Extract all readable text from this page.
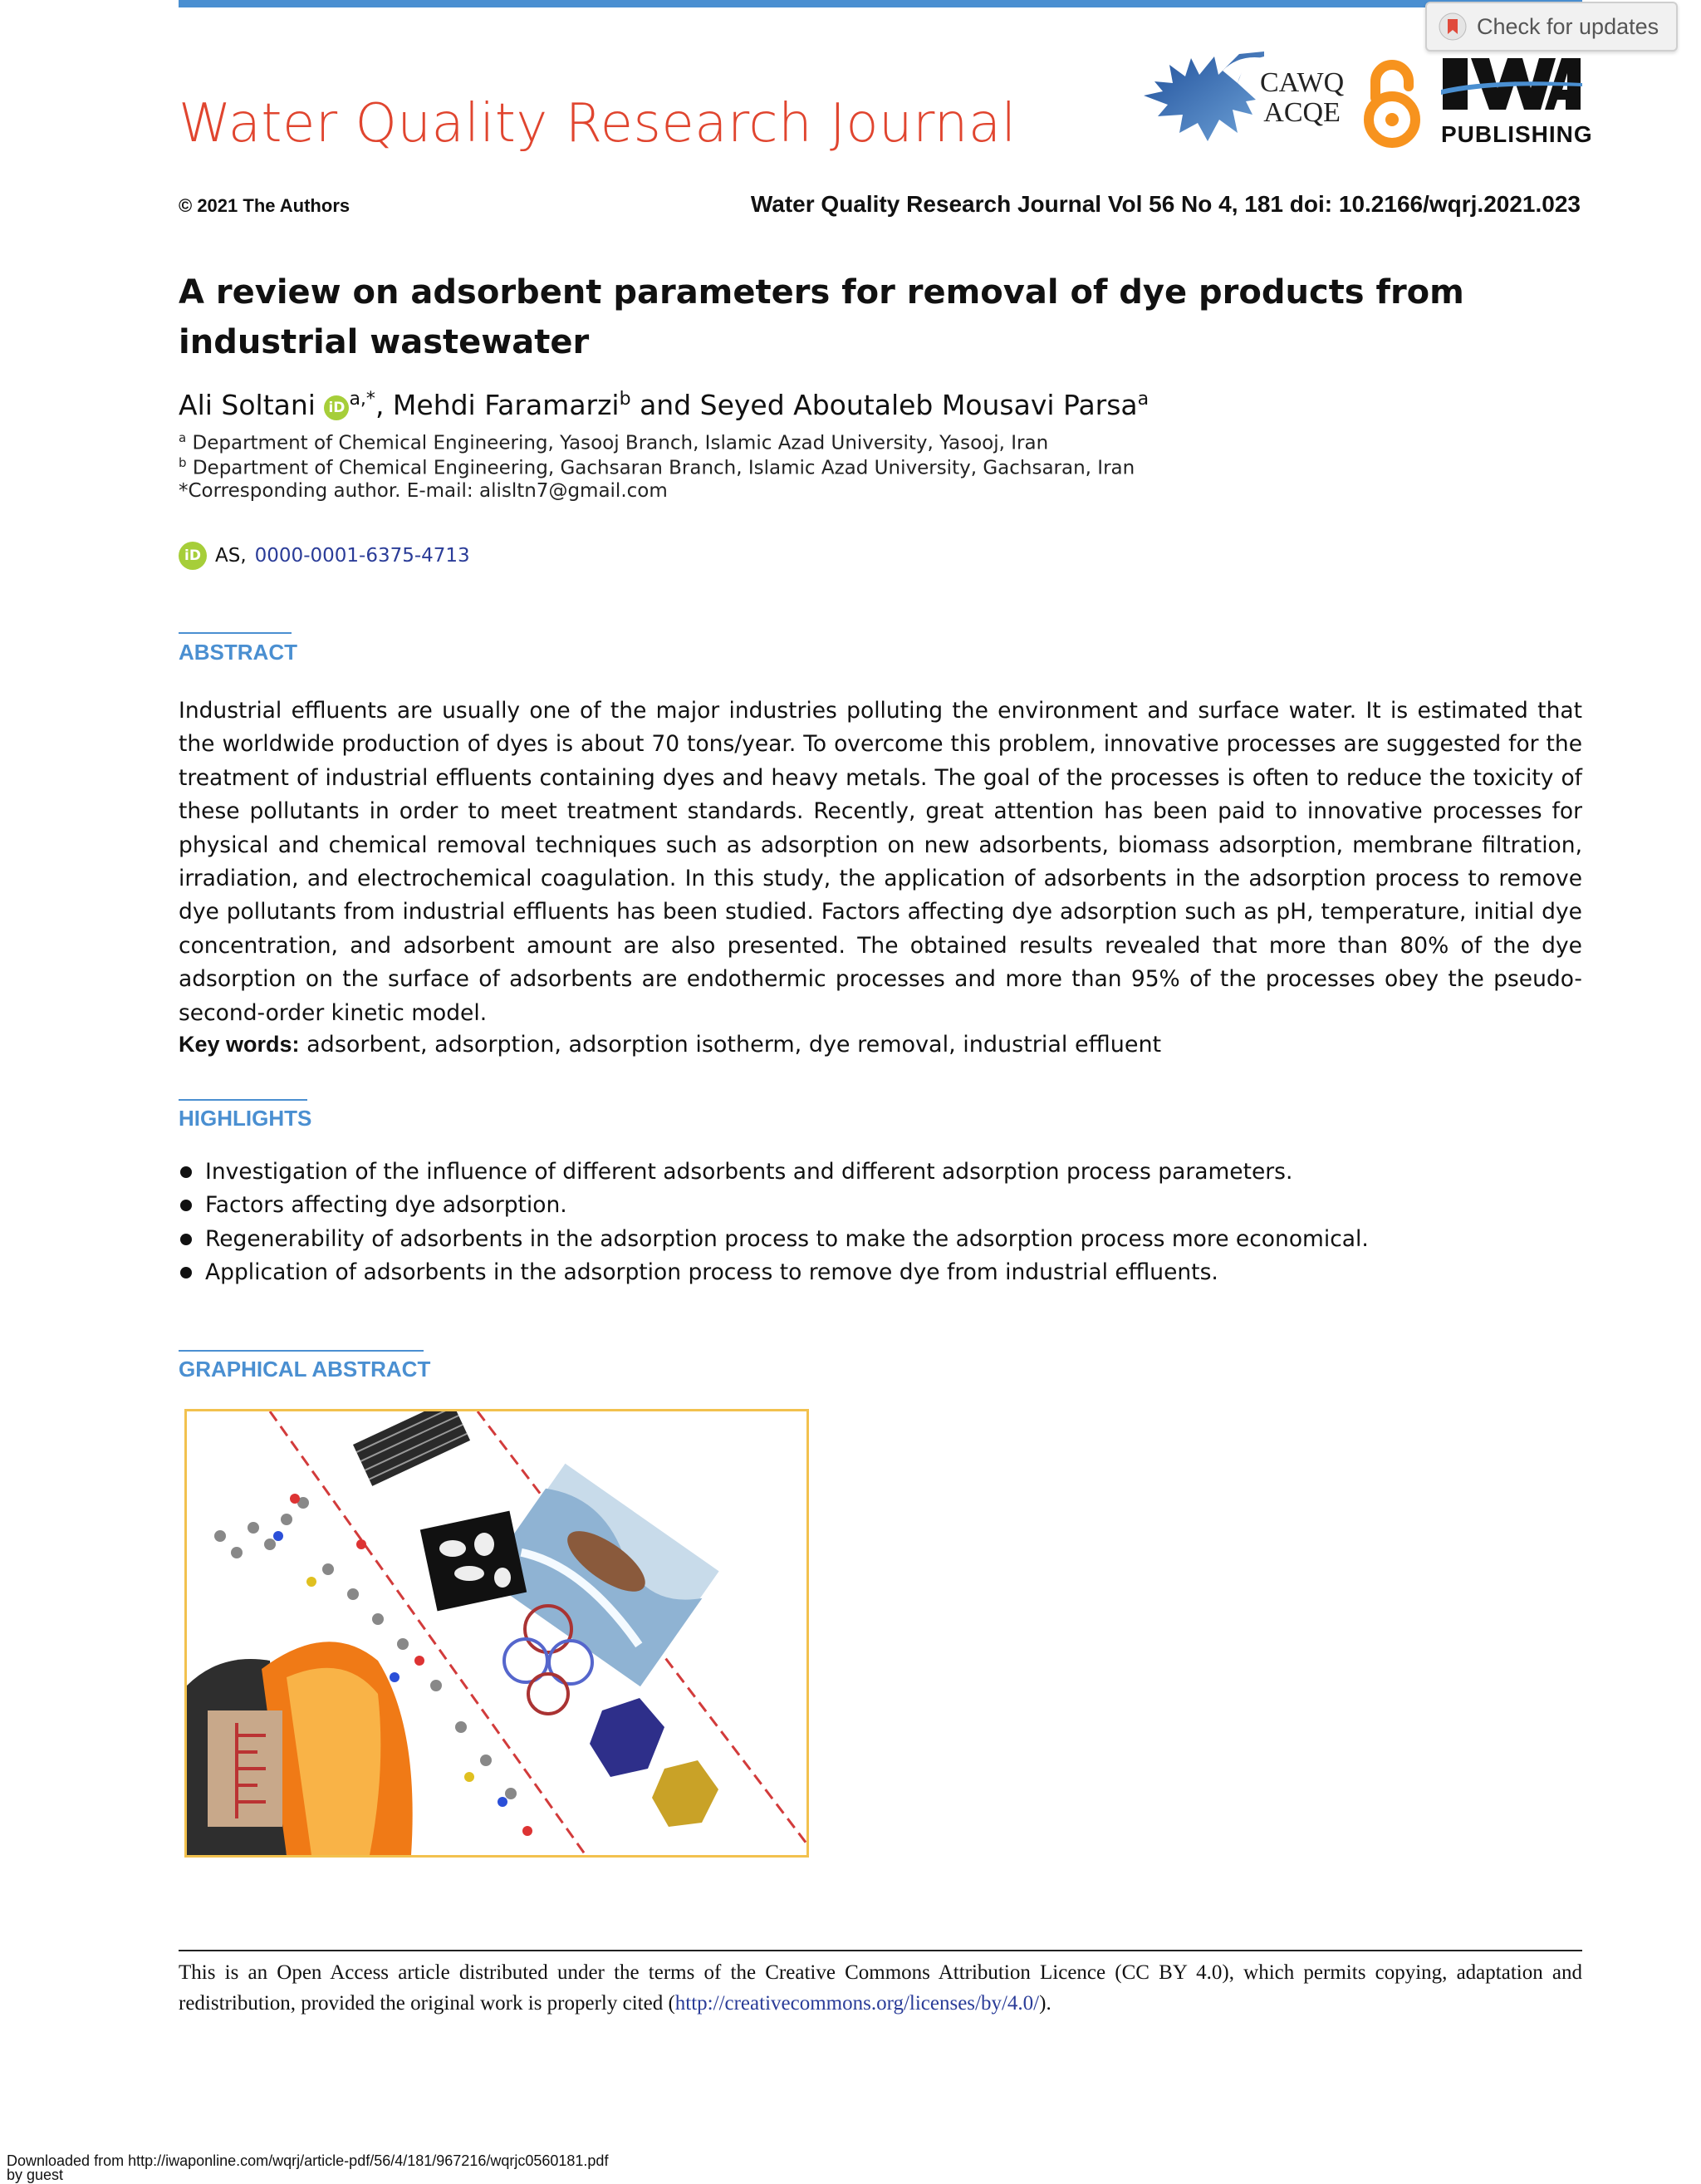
Check for updates
Water Quality Research Journal
CAWQ
ACQE
PUBLISHING
© 2021 The Authors	Water Quality Research Journal Vol 56 No 4, 181 doi: 10.2166/wqrj.2021.023
A review on adsorbent parameters for removal of dye products from industrial wastewater
Ali Soltani iD $^{a,*}$, Mehdi Faramarzi$^b$ and Seyed Aboutaleb Mousavi Parsa$^a$
$^a$ Department of Chemical Engineering, Yasooj Branch, Islamic Azad University, Yasooj, Iran
$^b$ Department of Chemical Engineering, Gachsaran Branch, Islamic Azad University, Gachsaran, Iran
*Corresponding author. E-mail: alisltn7@gmail.com
iD AS, 0000-0001-6375-4713
ABSTRACT
Industrial effluents are usually one of the major industries polluting the environment and surface water. It is estimated that the worldwide production of dyes is about 70 tons/year. To overcome this problem, innovative processes are suggested for the treatment of industrial effluents containing dyes and heavy metals. The goal of the processes is often to reduce the toxicity of these pollutants in order to meet treatment standards. Recently, great attention has been paid to innovative processes for physical and chemical removal techniques such as adsorption on new adsorbents, biomass adsorption, membrane filtration, irradiation, and electrochemical coagulation. In this study, the application of adsorbents in the adsorption process to remove dye pollutants from industrial effluents has been studied. Factors affecting dye adsorption such as pH, temperature, initial dye concentration, and adsorbent amount are also presented. The obtained results revealed that more than 80% of the dye adsorption on the surface of adsorbents are endothermic processes and more than 95% of the processes obey the pseudo-second-order kinetic model.
Key words: adsorbent, adsorption, adsorption isotherm, dye removal, industrial effluent
HIGHLIGHTS
Investigation of the influence of different adsorbents and different adsorption process parameters.
Factors affecting dye adsorption.
Regenerability of adsorbents in the adsorption process to make the adsorption process more economical.
Application of adsorbents in the adsorption process to remove dye from industrial effluents.
GRAPHICAL ABSTRACT
This is an Open Access article distributed under the terms of the Creative Commons Attribution Licence (CC BY 4.0), which permits copying, adaptation and redistribution, provided the original work is properly cited (http://creativecommons.org/licenses/by/4.0/).
Downloaded from http://iwaponline.com/wqrj/article-pdf/56/4/181/967216/wqrjc0560181.pdf
by guest
